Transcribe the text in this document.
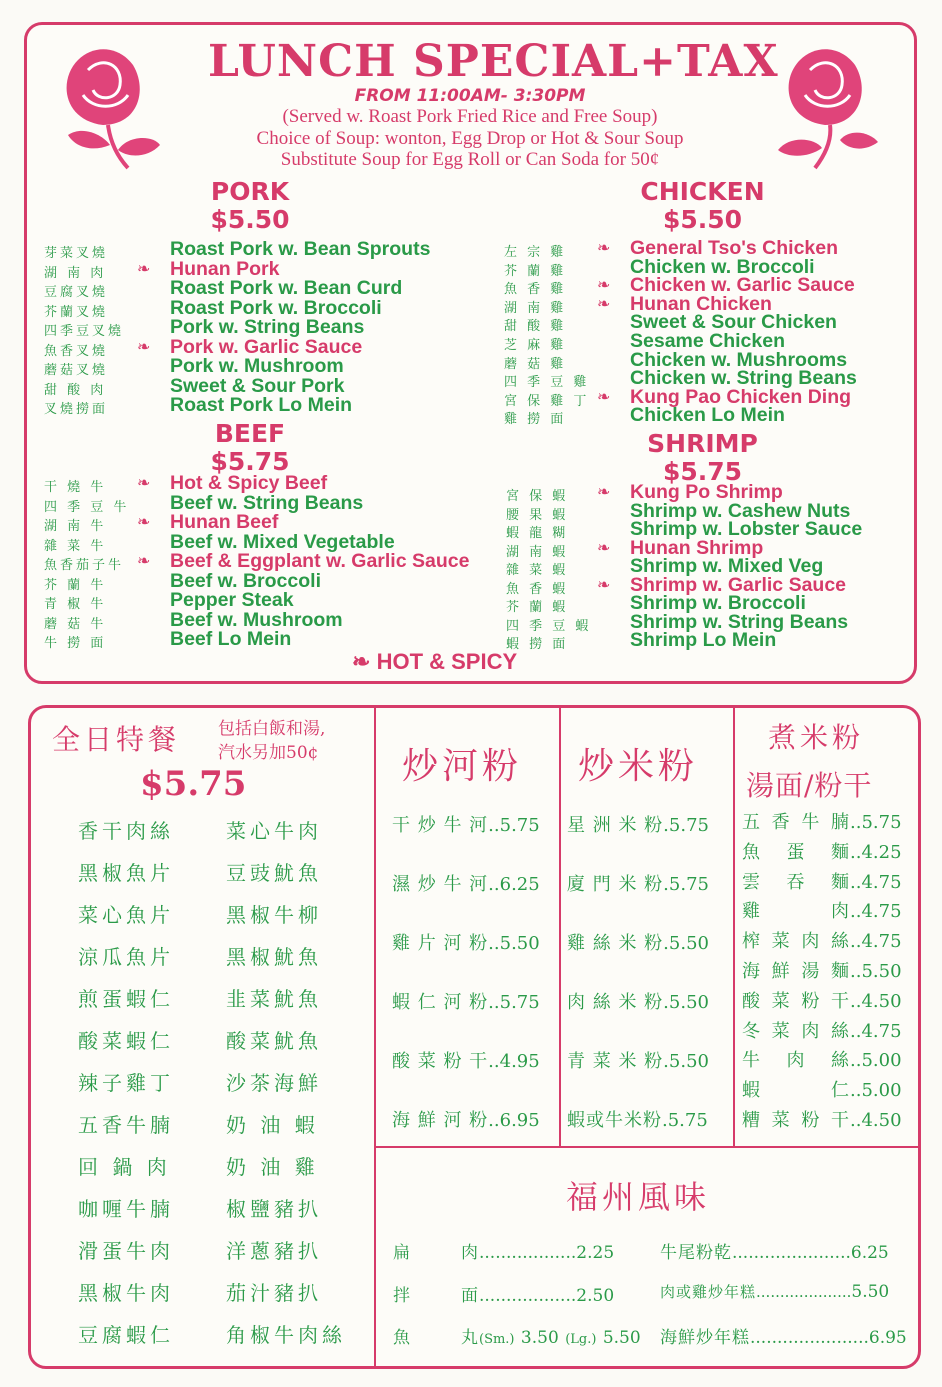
LUNCH SPECIAL+TAX
FROM 11:00AM- 3:30PM
(Served w. Roast Pork Fried Rice and Free Soup)
Choice of Soup: wonton, Egg Drop or Hot & Sour Soup
Substitute Soup for Egg Roll or Can Soda for 50¢
PORK
$5.50
BEEF
$5.75
CHICKEN
$5.50
SHRIMP
$5.75
芽菜叉燒	Roast Pork w. Bean Sprouts
湖 南 肉 ❧ Hunan Pork
豆腐叉燒	Roast Pork w. Bean Curd
芥蘭叉燒	Roast Pork w. Broccoli
四季豆叉燒 Pork w. String Beans
魚香叉燒 ❧ Pork w. Garlic Sauce
蘑菇叉燒	Pork w. Mushroom
甜 酸 肉	Sweet & Sour Pork
叉燒撈面	Roast Pork Lo Mein
干 燒 牛 ❧ Hot & Spicy Beef
四 季 豆 牛 Beef w. String Beans
湖 南 牛 ❧ Hunan Beef
雜 菜 牛	Beef w. Mixed Vegetable
魚香茄子牛 ❧ Beef & Eggplant w. Garlic Sauce
芥 蘭 牛	Beef w. Broccoli
青 椒 牛	Pepper Steak
蘑 菇 牛	Beef w. Mushroom
牛 撈 面	Beef Lo Mein
左 宗 雞 ❧ General Tso's Chicken
芥 蘭 雞	Chicken w. Broccoli
魚 香 雞 ❧ Chicken w. Garlic Sauce
湖 南 雞 ❧ Hunan Chicken
甜 酸 雞	Sweet & Sour Chicken
芝 麻 雞	Sesame Chicken
蘑 菇 雞	Chicken w. Mushrooms
四 季 豆 雞 Chicken w. String Beans
宮 保 雞 丁 ❧ Kung Pao Chicken Ding
雞 撈 面	Chicken Lo Mein
宮 保 蝦 ❧ Kung Po Shrimp
腰 果 蝦	Shrimp w. Cashew Nuts
蝦 龍 糊	Shrimp w. Lobster Sauce
湖 南 蝦 ❧ Hunan Shrimp
雜 菜 蝦	Shrimp w. Mixed Veg
魚 香 蝦 ❧ Shrimp w. Garlic Sauce
芥 蘭 蝦	Shrimp w. Broccoli
四 季 豆 蝦 Shrimp w. String Beans
蝦 撈 面	Shrimp Lo Mein
❧ HOT & SPICY
全日特餐 包括白飯和湯,
汽水另加50¢
$5.75
香干肉絲
黑椒魚片
菜心魚片
涼瓜魚片
煎蛋蝦仁
酸菜蝦仁
辣子雞丁
五香牛腩
回 鍋 肉
咖喱牛腩
滑蛋牛肉
黑椒牛肉
豆腐蝦仁
菜心牛肉
豆豉魷魚
黑椒牛柳
黑椒魷魚
韭菜魷魚
酸菜魷魚
沙茶海鮮
奶 油 蝦
奶 油 雞
椒鹽豬扒
洋蔥豬扒
茄汁豬扒
角椒牛肉絲
炒河粉 炒米粉
煮米粉
湯面/粉干
干 炒 牛 河..5.75
濕 炒 牛 河..6.25
雞 片 河 粉..5.50
蝦 仁 河 粉..5.75
酸 菜 粉 干..4.95
海 鮮 河 粉..6.95
星 洲 米 粉.5.75
廈 門 米 粉.5.75
雞 絲 米 粉.5.50
肉 絲 米 粉.5.50
青 菜 米 粉.5.50
蝦或牛米粉.5.75
五 香 牛 腩..5.75
魚 蛋 麵..4.25
雲 吞 麵..4.75
雞 肉..4.75
榨 菜 肉 絲..4.75
海 鮮 湯 麵..5.50
酸 菜 粉 干..4.50
冬 菜 肉 絲..4.75
牛 肉 絲..5.00
蝦 仁..5.00
糟 菜 粉 干..4.50
福州風味
扁	肉..................2.25
拌	面..................2.50
魚	丸(Sm.) 3.50 (Lg.) 5.50
牛尾粉乾......................6.25
肉或雞炒年糕....................5.50
海鮮炒年糕......................6.95
